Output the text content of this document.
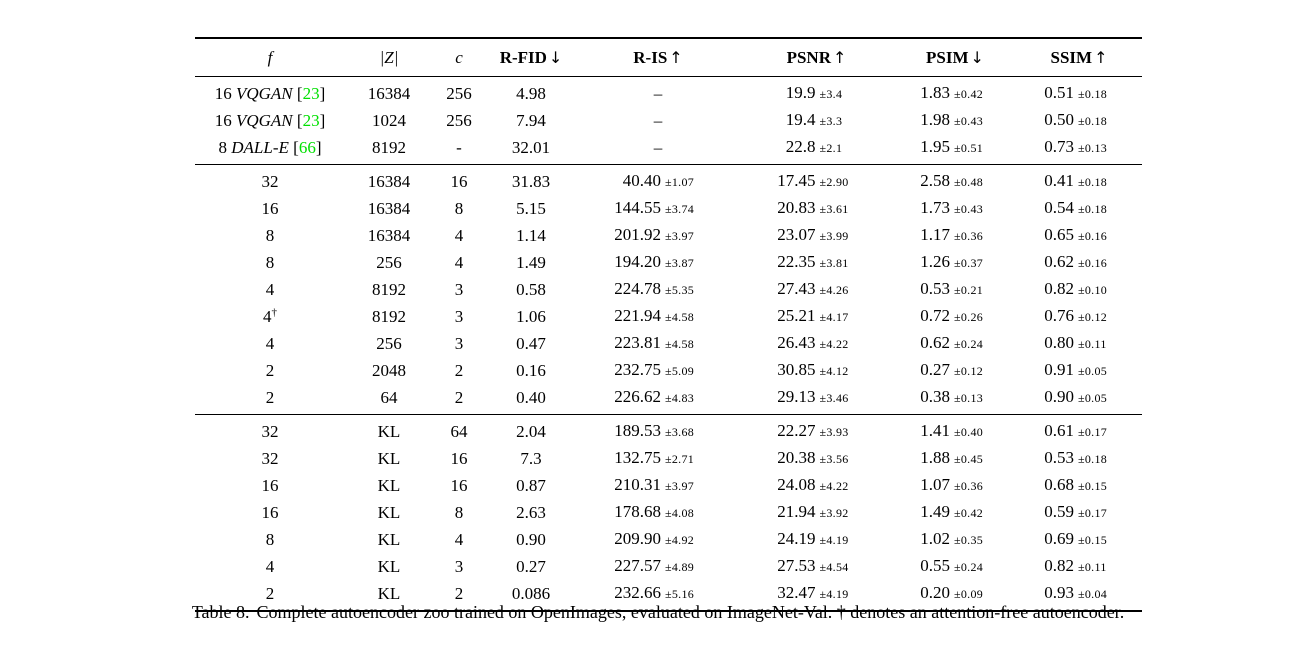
f	|Z|	c	R-FID ↓	R-IS ↑	PSNR ↑	PSIM ↓	SSIM ↑
16 VQGAN [23]	16384	256	4.98	–	19.9 ±3.4	1.83 ±0.42	0.51 ±0.18

16 VQGAN [23]	1024	256	7.94	–	19.4 ±3.3	1.98 ±0.43	0.50 ±0.18

8 DALL-E [66]	8192	-	32.01	–	22.8 ±2.1	1.95 ±0.51	0.73 ±0.13

32	16384	16	31.83	40.40 ±1.07	17.45 ±2.90	2.58 ±0.48	0.41 ±0.18

16	16384	8	5.15	144.55 ±3.74	20.83 ±3.61	1.73 ±0.43	0.54 ±0.18

8	16384	4	1.14	201.92 ±3.97	23.07 ±3.99	1.17 ±0.36	0.65 ±0.16

8	256	4	1.49	194.20 ±3.87	22.35 ±3.81	1.26 ±0.37	0.62 ±0.16

4	8192	3	0.58	224.78 ±5.35	27.43 ±4.26	0.53 ±0.21	0.82 ±0.10

4†	8192	3	1.06	221.94 ±4.58	25.21 ±4.17	0.72 ±0.26	0.76 ±0.12

4	256	3	0.47	223.81 ±4.58	26.43 ±4.22	0.62 ±0.24	0.80 ±0.11

2	2048	2	0.16	232.75 ±5.09	30.85 ±4.12	0.27 ±0.12	0.91 ±0.05

2	64	2	0.40	226.62 ±4.83	29.13 ±3.46	0.38 ±0.13	0.90 ±0.05

32	KL	64	2.04	189.53 ±3.68	22.27 ±3.93	1.41 ±0.40	0.61 ±0.17

32	KL	16	7.3	132.75 ±2.71	20.38 ±3.56	1.88 ±0.45	0.53 ±0.18

16	KL	16	0.87	210.31 ±3.97	24.08 ±4.22	1.07 ±0.36	0.68 ±0.15

16	KL	8	2.63	178.68 ±4.08	21.94 ±3.92	1.49 ±0.42	0.59 ±0.17

8	KL	4	0.90	209.90 ±4.92	24.19 ±4.19	1.02 ±0.35	0.69 ±0.15

4	KL	3	0.27	227.57 ±4.89	27.53 ±4.54	0.55 ±0.24	0.82 ±0.11

2	KL	2	0.086	232.66 ±5.16	32.47 ±4.19	0.20 ±0.09	0.93 ±0.04
Table 8. Complete autoencoder zoo trained on OpenImages, evaluated on ImageNet-Val. † denotes an attention-free autoencoder.
